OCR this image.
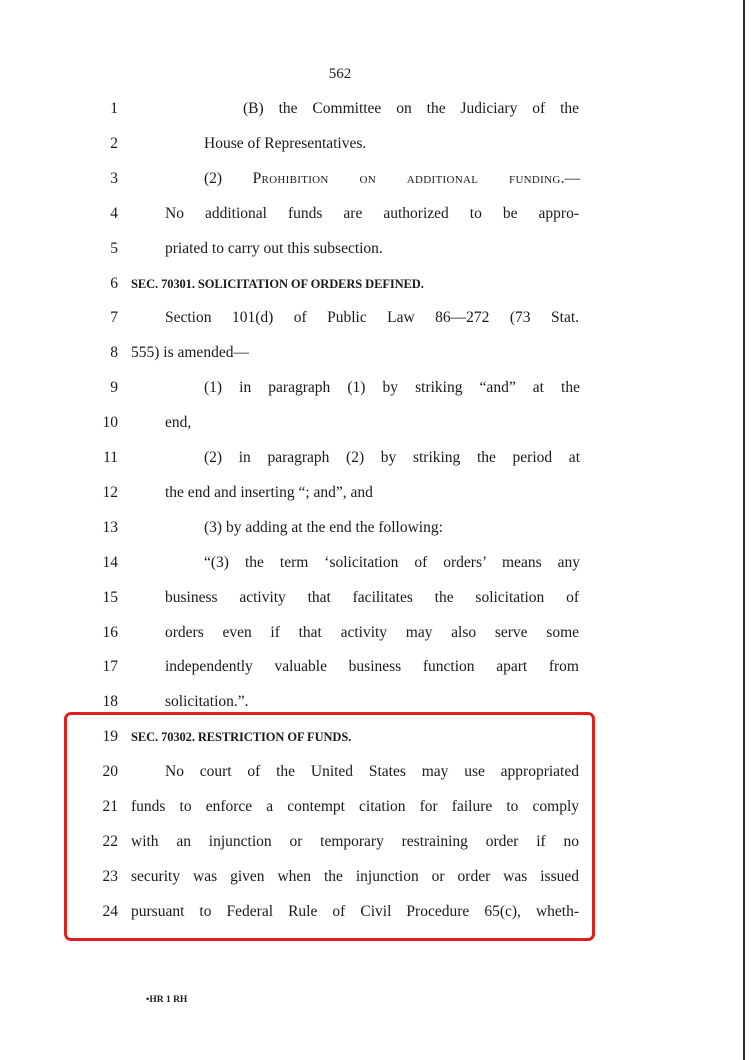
562
1	(B) the Committee on the Judiciary of the
2	House of Representatives.
3	(2) Prohibition on additional funding.—
4	No additional funds are authorized to be appro-
5	priated to carry out this subsection.
6 SEC. 70301. SOLICITATION OF ORDERS DEFINED.
7	Section 101(d) of Public Law 86—272 (73 Stat.
8 555) is amended—
9	(1) in paragraph (1) by striking “and” at the
10	end,
11	(2) in paragraph (2) by striking the period at
12	the end and inserting “; and”, and
13	(3) by adding at the end the following:
14	“(3) the term ‘solicitation of orders’ means any
15	business activity that facilitates the solicitation of
16	orders even if that activity may also serve some
17	independently valuable business function apart from
18	solicitation.”.
19 SEC. 70302. RESTRICTION OF FUNDS.
20	No court of the United States may use appropriated
21 funds to enforce a contempt citation for failure to comply
22 with an injunction or temporary restraining order if no
23 security was given when the injunction or order was issued
24 pursuant to Federal Rule of Civil Procedure 65(c), wheth-
•HR 1 RH
